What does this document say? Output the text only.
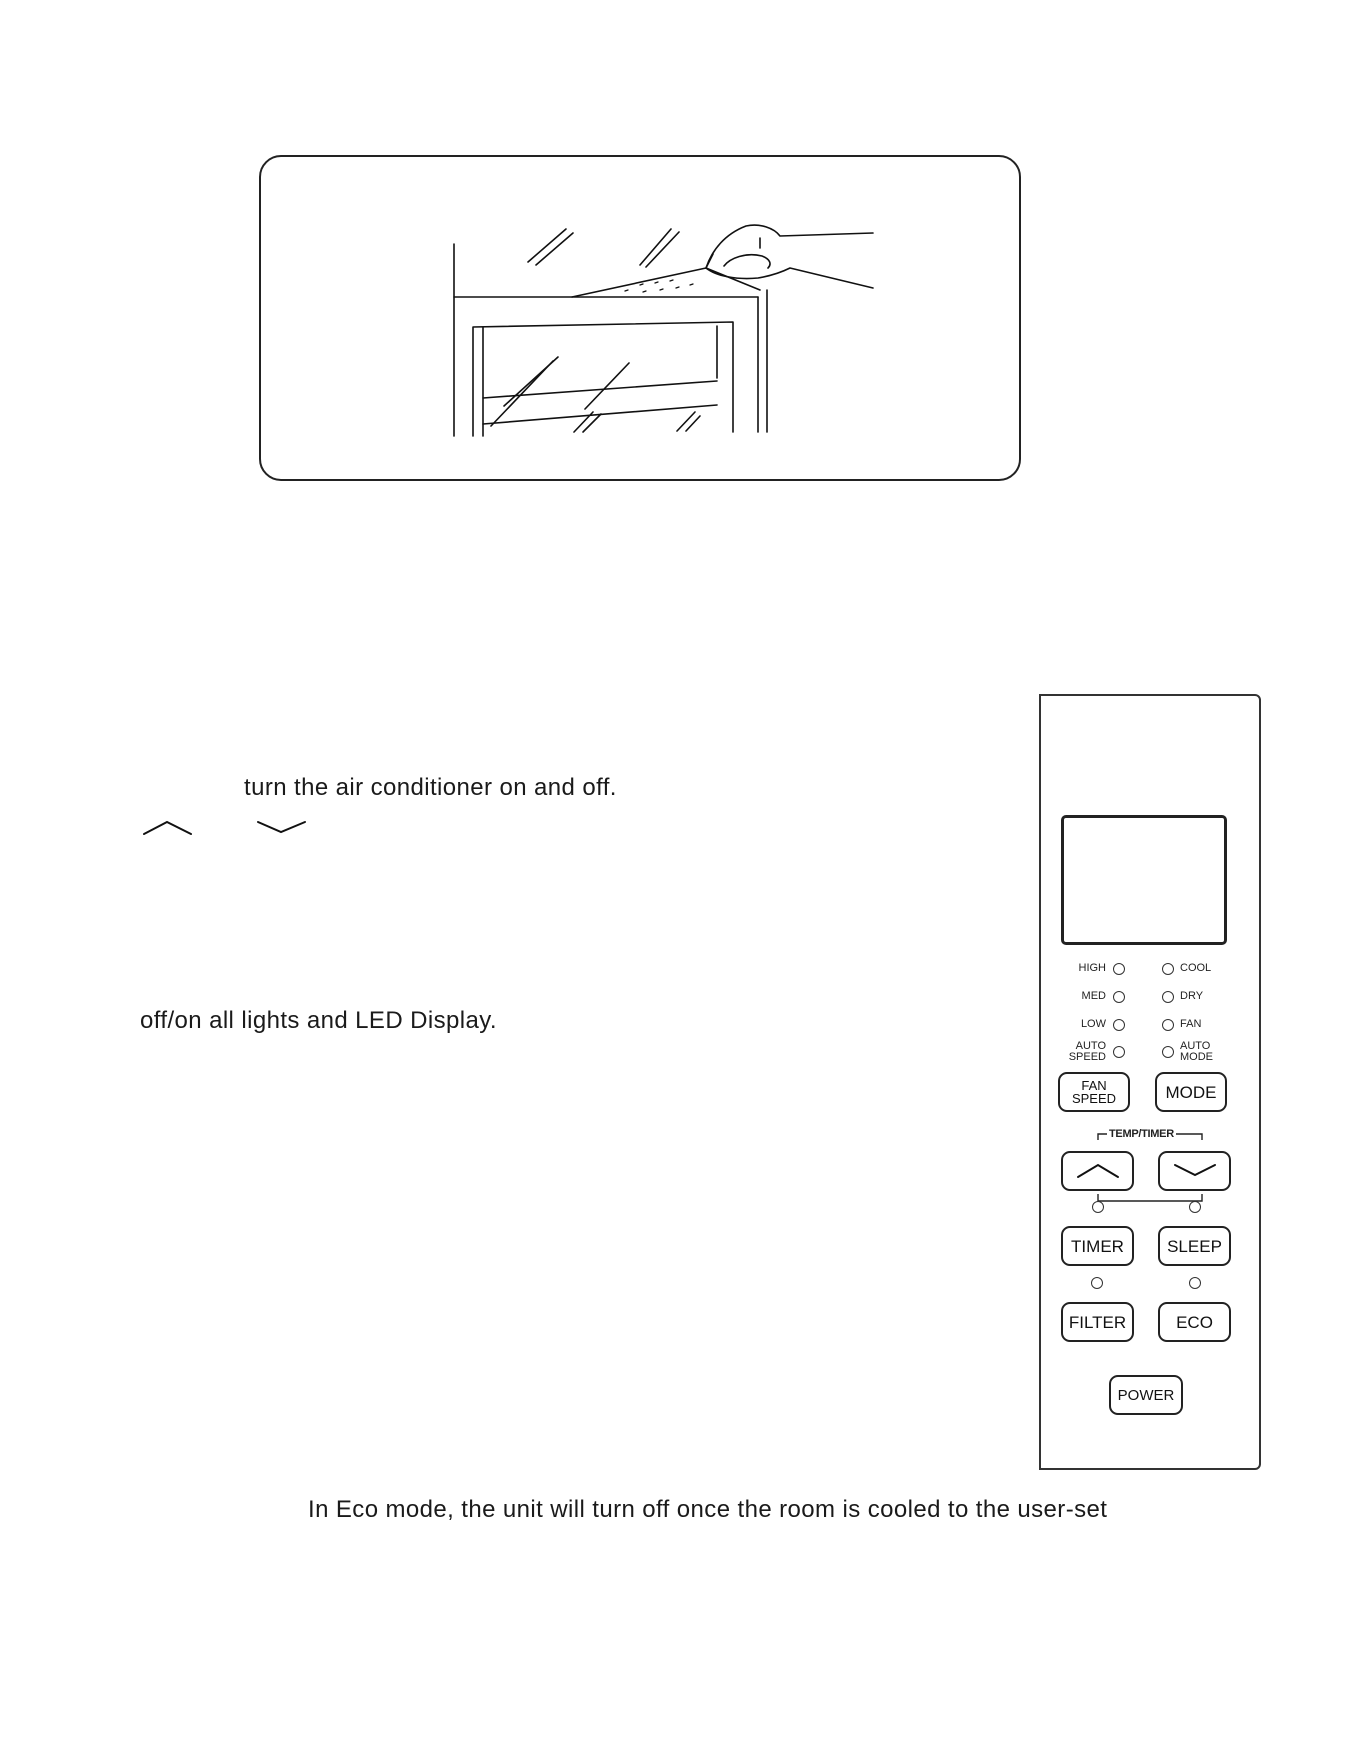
turn the air conditioner on and off.
off/on all lights and LED Display.
In Eco mode, the unit will turn off once the room is cooled to the user-set
HIGH
MED
LOW
AUTO
SPEED
COOL
DRY
FAN
AUTO
MODE
FAN
SPEED	MODE
TEMP/TIMER
TIMER	SLEEP
FILTER	ECO
POWER
